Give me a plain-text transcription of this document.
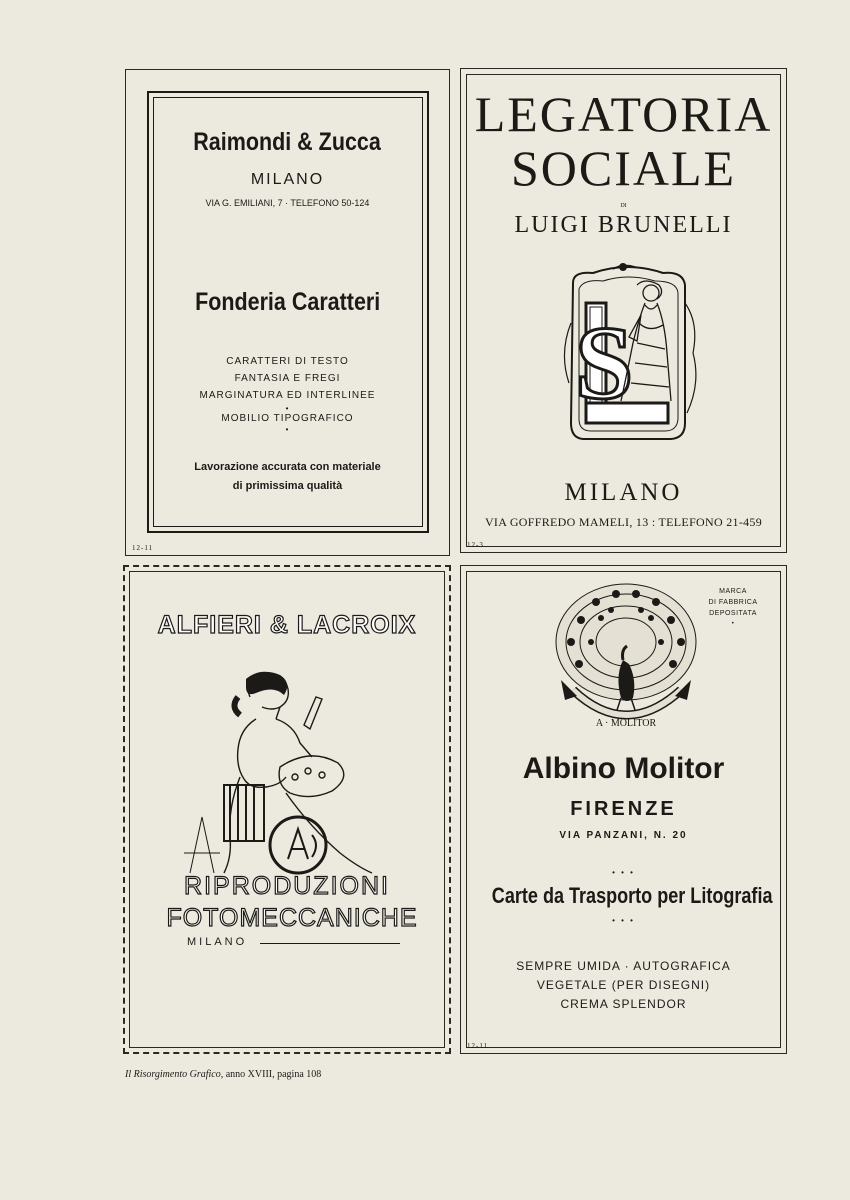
Raimondi & Zucca
MILANO
VIA G. EMILIANI, 7 · TELEFONO 50-124
Fonderia Caratteri
CARATTERI DI TESTO
FANTASIA E FREGI
MARGINATURA ED INTERLINEE
•
MOBILIO TIPOGRAFICO
•
Lavorazione accurata con materiale
di primissima qualità
12-11
LEGATORIA
SOCIALE
DI
LUIGI BRUNELLI
S
MILANO
VIA GOFFREDO MAMELI, 13 : TELEFONO 21-459
12-3
ALFIERI & LACROIX
RIPRODUZIONI
FOTOMECCANICHE
MILANO
A · MOLITOR
MARCA
DI FABBRICA
DEPOSITATA
•
Albino Molitor
FIRENZE
VIA PANZANI, N. 20
• • •
Carte da Trasporto per Litografia
• • •
SEMPRE UMIDA · AUTOGRAFICA
VEGETALE (PER DISEGNI)
CREMA SPLENDOR
12-11
Il Risorgimento Grafico, anno XVIII, pagina 108
